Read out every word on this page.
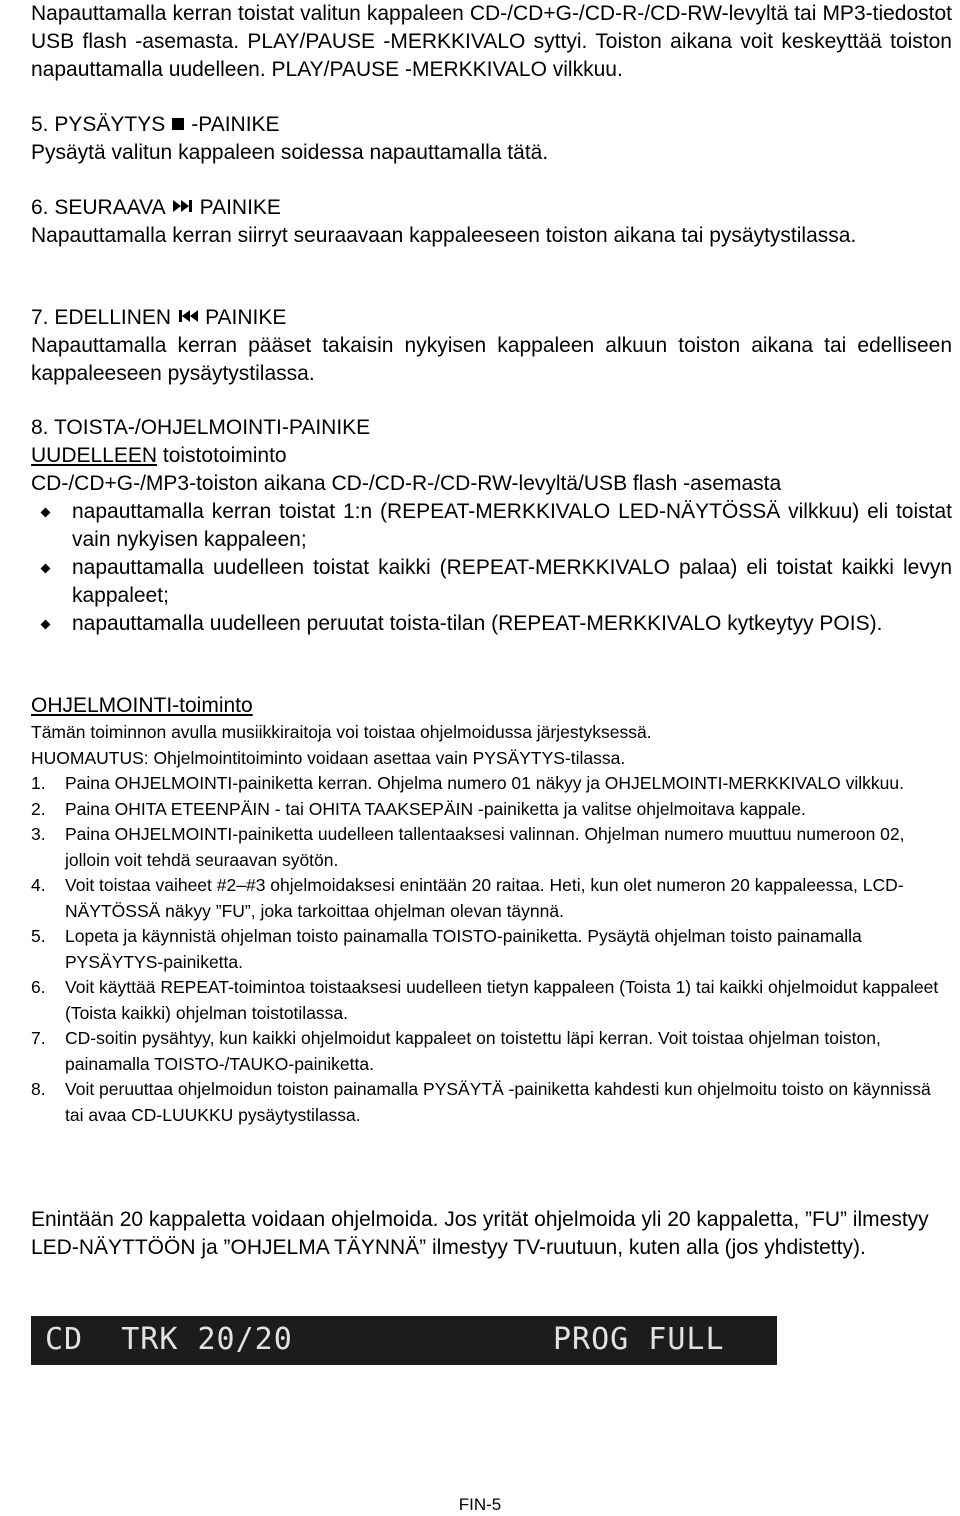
Napauttamalla kerran toistat valitun kappaleen CD-/CD+G-/CD-R-/CD-RW-levyltä tai MP3-tiedostot USB flash -asemasta. PLAY/PAUSE -MERKKIVALO syttyi. Toiston aikana voit keskeyttää toiston napauttamalla uudelleen. PLAY/PAUSE -MERKKIVALO vilkkuu.
5. PYSÄYTYS -PAINIKE
Pysäytä valitun kappaleen soidessa napauttamalla tätä.
6. SEURAAVA PAINIKE
Napauttamalla kerran siirryt seuraavaan kappaleeseen toiston aikana tai pysäytystilassa.
7. EDELLINEN PAINIKE
Napauttamalla kerran pääset takaisin nykyisen kappaleen alkuun toiston aikana tai edelliseen kappaleeseen pysäytystilassa.
8. TOISTA-/OHJELMOINTI-PAINIKE
UUDELLEEN toistotoiminto
CD-/CD+G-/MP3-toiston aikana CD-/CD-R-/CD-RW-levyltä/USB flash -asemasta
napauttamalla kerran toistat 1:n (REPEAT-MERKKIVALO LED-NÄYTÖSSÄ vilkkuu) eli toistat vain nykyisen kappaleen;
napauttamalla uudelleen toistat kaikki (REPEAT-MERKKIVALO palaa) eli toistat kaikki levyn kappaleet;
napauttamalla uudelleen peruutat toista-tilan (REPEAT-MERKKIVALO kytkeytyy POIS).
OHJELMOINTI-toiminto
Tämän toiminnon avulla musiikkiraitoja voi toistaa ohjelmoidussa järjestyksessä.
HUOMAUTUS: Ohjelmointitoiminto voidaan asettaa vain PYSÄYTYS-tilassa.
1. Paina OHJELMOINTI-painiketta kerran. Ohjelma numero 01 näkyy ja OHJELMOINTI-MERKKIVALO vilkkuu.
2. Paina OHITA ETEENPÄIN - tai OHITA TAAKSEPÄIN -painiketta ja valitse ohjelmoitava kappale.
3. Paina OHJELMOINTI-painiketta uudelleen tallentaaksesi valinnan. Ohjelman numero muuttuu numeroon 02, jolloin voit tehdä seuraavan syötön.
4. Voit toistaa vaiheet #2–#3 ohjelmoidaksesi enintään 20 raitaa. Heti, kun olet numeron 20 kappaleessa, LCD-NÄYTÖSSÄ näkyy ”FU”, joka tarkoittaa ohjelman olevan täynnä.
5. Lopeta ja käynnistä ohjelman toisto painamalla TOISTO-painiketta. Pysäytä ohjelman toisto painamalla PYSÄYTYS-painiketta.
6. Voit käyttää REPEAT-toimintoa toistaaksesi uudelleen tietyn kappaleen (Toista 1) tai kaikki ohjelmoidut kappaleet (Toista kaikki) ohjelman toistotilassa.
7. CD-soitin pysähtyy, kun kaikki ohjelmoidut kappaleet on toistettu läpi kerran. Voit toistaa ohjelman toiston, painamalla TOISTO-/TAUKO-painiketta.
8. Voit peruuttaa ohjelmoidun toiston painamalla PYSÄYTÄ -painiketta kahdesti kun ohjelmoitu toisto on käynnissä tai avaa CD-LUUKKU pysäytystilassa.
Enintään 20 kappaletta voidaan ohjelmoida. Jos yrität ohjelmoida yli 20 kappaletta, ”FU” ilmestyy LED-NÄYTTÖÖN ja ”OHJELMA TÄYNNÄ” ilmestyy TV-ruutuun, kuten alla (jos yhdistetty).
CD  TRK 20/20	PROG FULL
FIN-5
